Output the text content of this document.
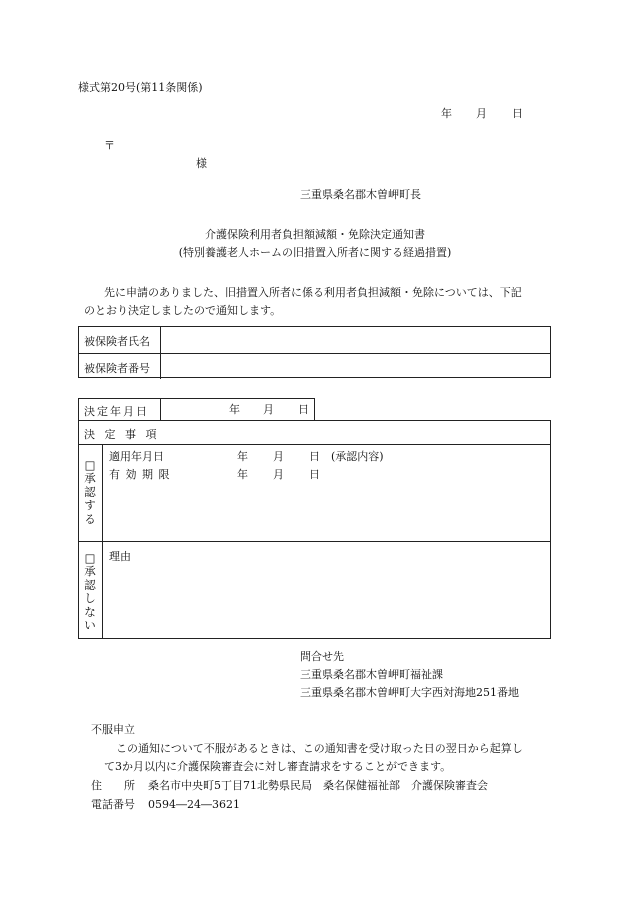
様式第20号(第11条関係)
年 月 日
〒
様
三重県桑名郡木曽岬町長
介護保険利用者負担額減額・免除決定通知書
(特別養護老人ホームの旧措置入所者に関する経過措置)
先に申請のありました、旧措置入所者に係る利用者負担減額・免除については、下記
のとおり決定しましたので通知します。
被保険者氏名
被保険者番号
決定年月日	年 月 日
決 定 事 項
□承認する
適用年月日	年 月 日 (承認内容)
有 効 期 限	年 月 日
□承認しない
理由
問合せ先
三重県桑名郡木曽岬町福祉課
三重県桑名郡木曽岬町大字西対海地251番地
不服申立
この通知について不服があるときは、この通知書を受け取った日の翌日から起算し
て3か月以内に介護保険審査会に対し審査請求をすることができます。
住　　所 桑名市中央町5丁目71北勢県民局　桑名保健福祉部　介護保険審査会
電話番号 0594―24―3621
